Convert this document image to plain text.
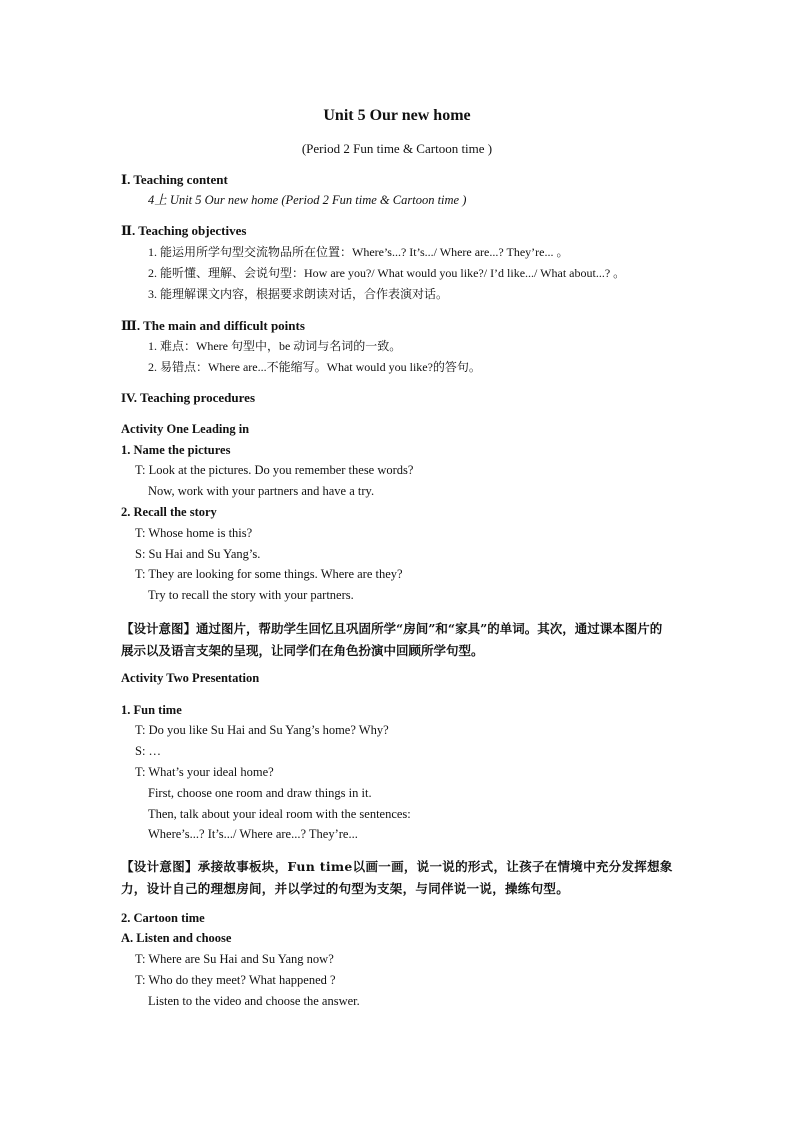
Unit 5 Our new home
(Period 2 Fun time & Cartoon time )
Ⅰ. Teaching content
4上 Unit 5 Our new home (Period 2 Fun time & Cartoon time )
Ⅱ. Teaching objectives
1. 能运用所学句型交流物品所在位置：Where’s...? It’s.../ Where are...? They’re... 。
2. 能听懂、理解、会说句型：How are you?/ What would you like?/ I’d like.../ What about...? 。
3. 能理解课文内容，根据要求朗读对话，合作表演对话。
Ⅲ. The main and difficult points
1. 难点：Where 句型中，be 动词与名词的一致。
2. 易错点：Where are...不能缩写。What would you like?的答句。
IV. Teaching procedures
Activity One Leading in
1. Name the pictures
T: Look at the pictures. Do you remember these words?
Now, work with your partners and have a try.
2. Recall the story
T: Whose home is this?
S: Su Hai and Su Yang’s.
T: They are looking for some things. Where are they?
Try to recall the story with your partners.
【设计意图】通过图片，帮助学生回忆且巩固所学“房间”和“家具”的单词。其次，通过课本图片的展示以及语言支架的呈现，让同学们在角色扮演中回顾所学句型。
Activity Two Presentation
1. Fun time
T: Do you like Su Hai and Su Yang’s home? Why?
S: …
T: What’s your ideal home?
First, choose one room and draw things in it.
Then, talk about your ideal room with the sentences:
Where’s...? It’s.../ Where are...? They’re...
【设计意图】承接故事板块，Fun time以画一画，说一说的形式，让孩子在情境中充分发挥想象力，设计自己的理想房间，并以学过的句型为支架，与同伴说一说，操练句型。
2. Cartoon time
A. Listen and choose
T: Where are Su Hai and Su Yang now?
T: Who do they meet? What happened ?
Listen to the video and choose the answer.
